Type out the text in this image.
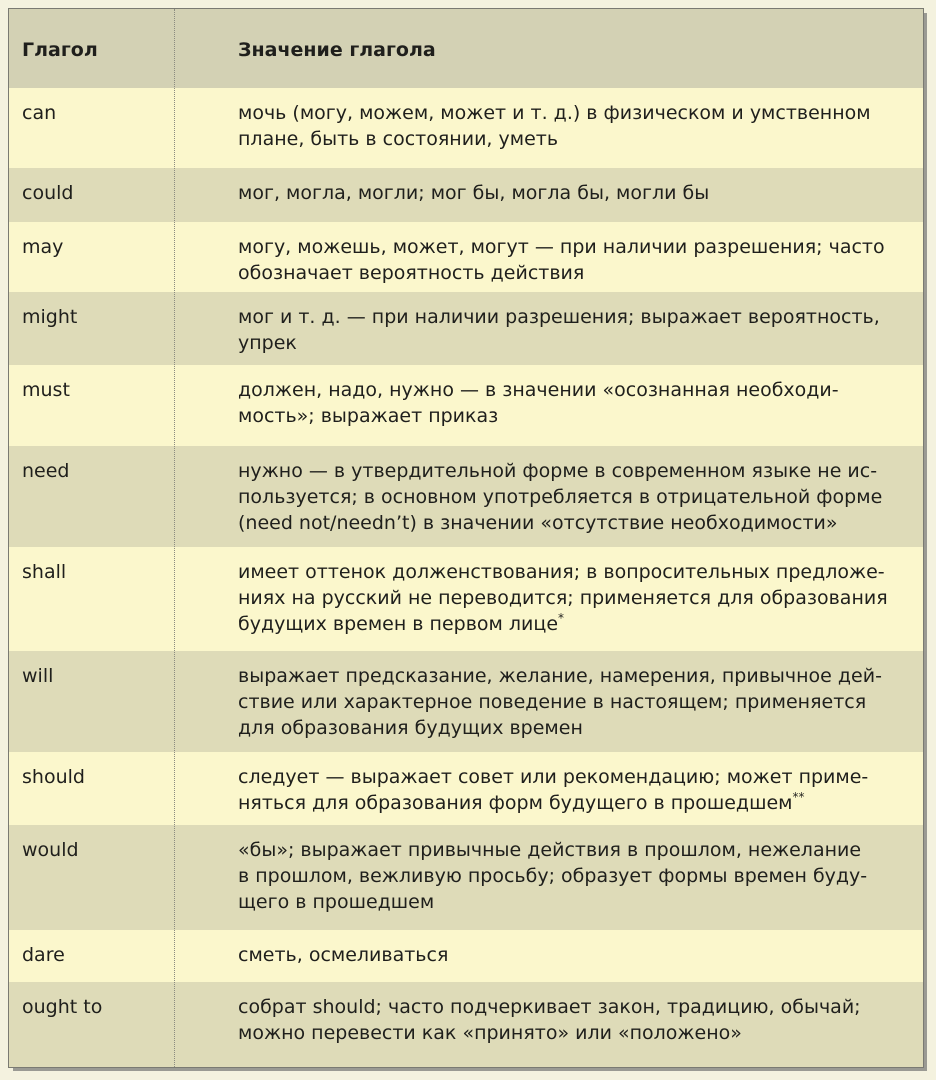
Глагол	Значение глагола
can	мочь (могу, можем, может и т. д.) в физическом и умственном
плане, быть в состоянии, уметь
could	мог, могла, могли; мог бы, могла бы, могли бы
may	могу, можешь, может, могут — при наличии разрешения; часто
обозначает вероятность действия
might	мог и т. д. — при наличии разрешения; выражает вероятность,
упрек
must	должен, надо, нужно — в значении «осознанная необходи-
мость»; выражает приказ
need	нужно — в утвердительной форме в современном языке не ис-
пользуется; в основном употребляется в отрицательной форме
(need not/needn’t) в значении «отсутствие необходимости»
shall	имеет оттенок долженствования; в вопросительных предложе-
ниях на русский не переводится; применяется для образования
будущих времен в первом лице*
will	выражает предсказание, желание, намерения, привычное дей-
ствие или характерное поведение в настоящем; применяется
для образования будущих времен
should	следует — выражает совет или рекомендацию; может приме-
няться для образования форм будущего в прошедшем**
would	«бы»; выражает привычные действия в прошлом, нежелание
в прошлом, вежливую просьбу; образует формы времен буду-
щего в прошедшем
dare	сметь, осмеливаться
ought to	собрат should; часто подчеркивает закон, традицию, обычай;
можно перевести как «принято» или «положено»
